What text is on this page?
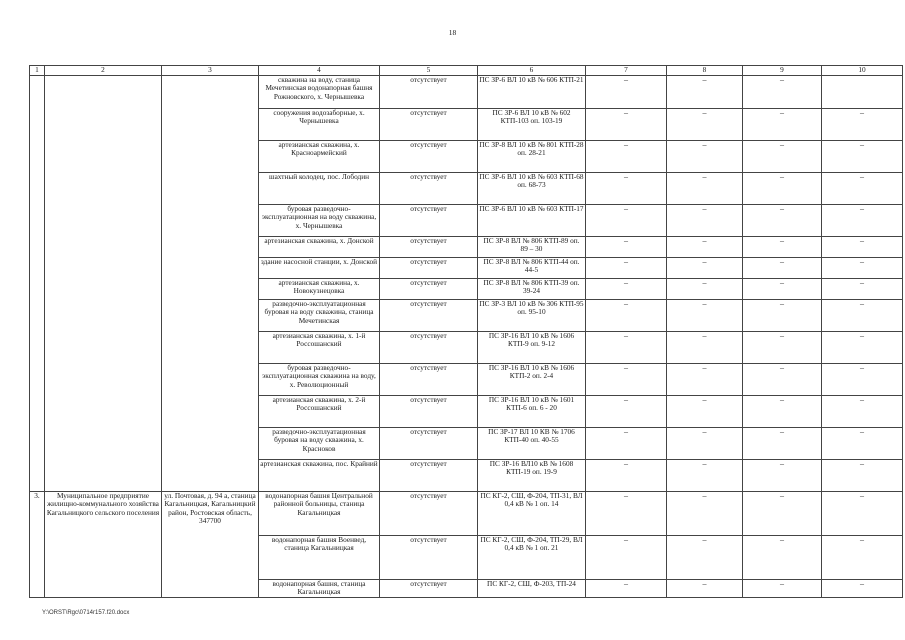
18
1	2	3	4	5	6	7	8	9	10
			скважина на воду, станица Мечетинская водонапорная башня Рожновского, х. Чернышевка	отсутствует	ПС ЗР-6 ВЛ 10 кВ № 606 КТП-21	–	–	–	
			сооружения водозаборные, х. Чернышевка	отсутствует	ПС ЗР-6 ВЛ 10 кВ № 602 КТП-103 оп. 103-19	–	–	–	–
			артезианская скважина, х. Красноармейский	отсутствует	ПС ЗР-8 ВЛ 10 кВ № 801 КТП-28 оп. 28-21	–	–	–	–
			шахтный колодец, пос. Лободин	отсутствует	ПС ЗР-6 ВЛ 10 кВ № 603 КТП-68 оп. 68-73	–	–	–	–
			буровая разведочно-эксплуатационная на воду скважина, х. Чернышевка	отсутствует	ПС ЗР-6 ВЛ 10 кВ № 603 КТП-17	–	–	–	–
			артезианская скважина, х. Донской	отсутствует	ПС ЗР-8 ВЛ № 806 КТП-89 оп. 89 – 30	–	–	–	–
			здание насосной станции, х. Донской	отсутствует	ПС ЗР-8 ВЛ № 806 КТП-44 оп. 44-5	–	–	–	–
			артезианская скважина, х. Новокузнецовка	отсутствует	ПС ЗР-8 ВЛ № 806 КТП-39 оп. 39-24	–	–	–	–
			разведочно-эксплуатационная буровая на воду скважина, станица Мечетинская	отсутствует	ПС ЗР-3 ВЛ 10 кВ № 306 КТП-95 оп. 95-10	–	–	–	–
			артезианская скважина, х. 1-й Россошанский	отсутствует	ПС ЗР-16 ВЛ 10 кВ № 1606 КТП-9 оп. 9-12	–	–	–	–
			буровая разведочно-эксплуатационная скважина на воду, х. Революционный	отсутствует	ПС ЗР-16 ВЛ 10 кВ № 1606 КТП-2 оп. 2-4	–	–	–	–
			артезианская скважина, х. 2-й Россошанский	отсутствует	ПС ЗР-16 ВЛ 10 кВ № 1601 КТП-6 оп. 6 - 20	–	–	–	–
			разведочно-эксплуатационная буровая на воду скважина, х. Красноков	отсутствует	ПС ЗР-17 ВЛ 10 КВ № 1706 КТП-40 оп. 40-55	–	–	–	–
			артезианская скважина, пос. Крайний	отсутствует	ПС ЗР-16 ВЛ10 кВ № 1608 КТП-19 оп. 19-9	–	–	–	–
3.	Муниципальное предприятие жилищно-коммунального хозяйства Кагальницкого сельского поселения	ул. Почтовая, д. 94 а, станица Кагальницкая, Кагальницкий район, Ростовская область, 347700	водонапорная башня Центральной районной больницы, станица Кагальницкая	отсутствует	ПС КГ-2, СШ, Ф-204, ТП-31, ВЛ 0,4 кВ № 1 оп. 14	–	–	–	–
			водонапорная башня Военвед, станица Кагальницкая	отсутствует	ПС КГ-2, СШ, Ф-204, ТП-29, ВЛ 0,4 кВ № 1 оп. 21	–	–	–	–
			водонапорная башня, станица Кагальницкая	отсутствует	ПС КГ-2, СШ, Ф-203, ТП-24	–	–	–	–
Y:\ORST\Rgc\0714r157.f20.docx
